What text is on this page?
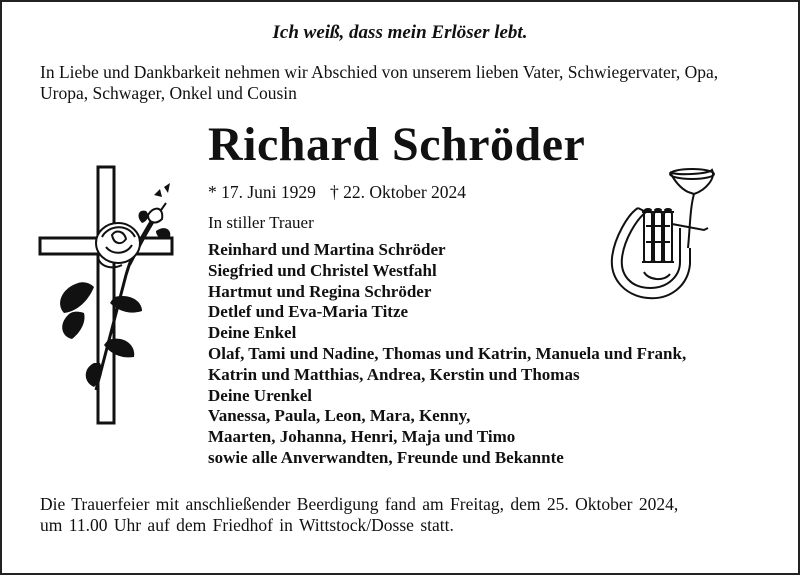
Ich weiß, dass mein Erlöser lebt.
In Liebe und Dankbarkeit nehmen wir Abschied von unserem lieben Vater, Schwiegervater, Opa, Uropa, Schwager, Onkel und Cousin
Richard Schröder
* 17. Juni 1929 † 22. Oktober 2024
In stiller Trauer
Reinhard und Martina Schröder
Siegfried und Christel Westfahl
Hartmut und Regina Schröder
Detlef und Eva-Maria Titze
Deine Enkel
Olaf, Tami und Nadine, Thomas und Katrin, Manuela und Frank,
Katrin und Matthias, Andrea, Kerstin und Thomas
Deine Urenkel
Vanessa, Paula, Leon, Mara, Kenny,
Maarten, Johanna, Henri, Maja und Timo
sowie alle Anverwandten, Freunde und Bekannte
Die Trauerfeier mit anschließender Beerdigung fand am Freitag, dem 25. Oktober 2024,
um 11.00 Uhr auf dem Friedhof in Wittstock/Dosse statt.
